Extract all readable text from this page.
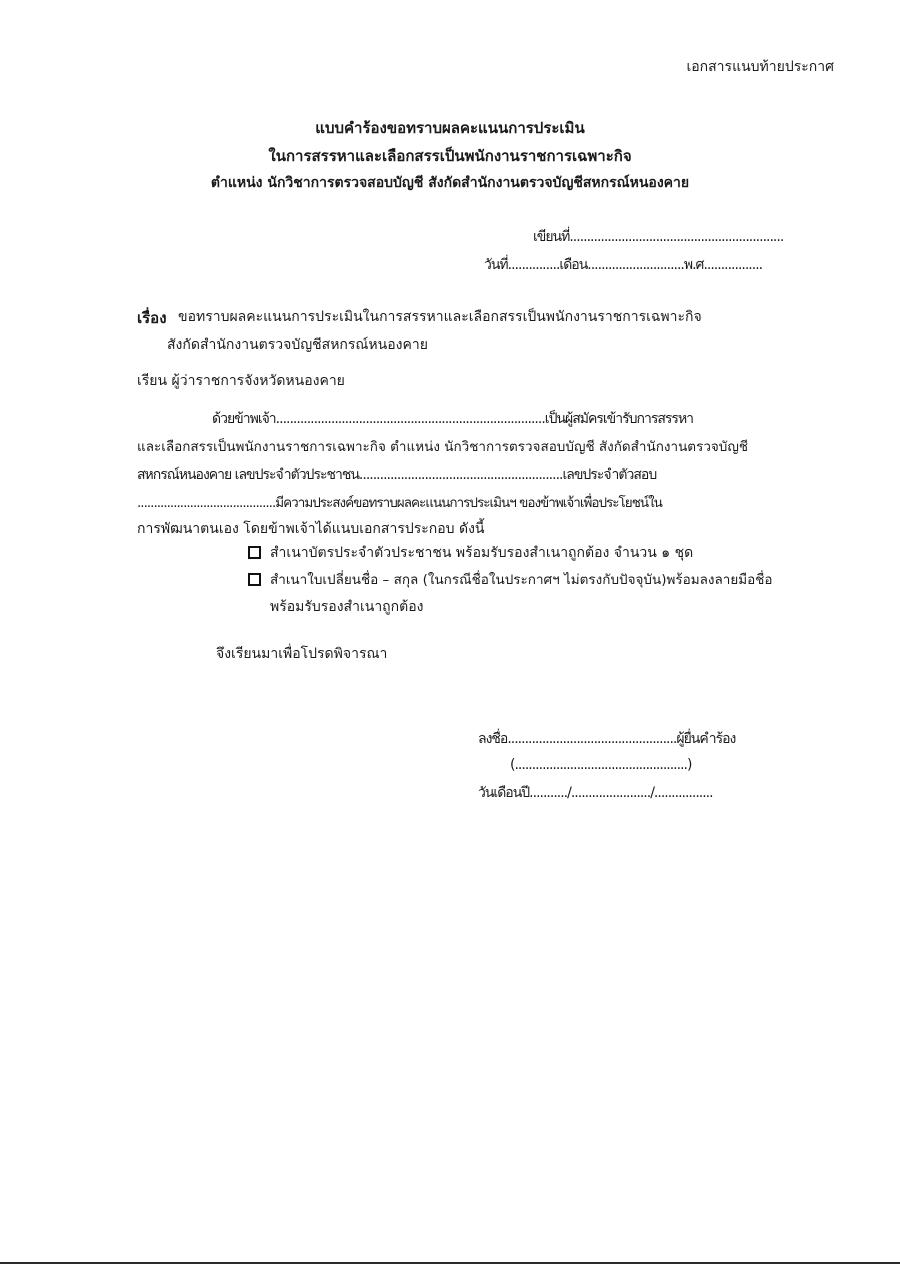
เอกสารแนบท้ายประกาศ
แบบคำร้องขอทราบผลคะแนนการประเมิน
ในการสรรหาและเลือกสรรเป็นพนักงานราชการเฉพาะกิจ
ตำแหน่ง นักวิชาการตรวจสอบบัญชี สังกัดสำนักงานตรวจบัญชีสหกรณ์หนองคาย
เขียนที่..............................................................
วันที่...............เดือน............................พ.ศ.................
เรื่อง ขอทราบผลคะแนนการประเมินในการสรรหาและเลือกสรรเป็นพนักงานราชการเฉพาะกิจ
สังกัดสำนักงานตรวจบัญชีสหกรณ์หนองคาย
เรียน ผู้ว่าราชการจังหวัดหนองคาย
ด้วยข้าพเจ้า..............................................................................เป็นผู้สมัครเข้ารับการสรรหา
และเลือกสรรเป็นพนักงานราชการเฉพาะกิจ ตำแหน่ง นักวิชาการตรวจสอบบัญชี สังกัดสำนักงานตรวจบัญชี
สหกรณ์หนองคาย เลขประจำตัวประชาชน...........................................................เลขประจำตัวสอบ
..........................................มีความประสงค์ขอทราบผลคะแนนการประเมินฯ ของข้าพเจ้าเพื่อประโยชน์ใน
การพัฒนาตนเอง โดยข้าพเจ้าได้แนบเอกสารประกอบ ดังนี้
สำเนาบัตรประจำตัวประชาชน พร้อมรับรองสำเนาถูกต้อง จำนวน ๑ ชุด
สำเนาใบเปลี่ยนชื่อ – สกุล (ในกรณีชื่อในประกาศฯ ไม่ตรงกับปัจจุบัน)พร้อมลงลายมือชื่อ
พร้อมรับรองสำเนาถูกต้อง
จึงเรียนมาเพื่อโปรดพิจารณา
ลงชื่อ.................................................ผู้ยื่นคำร้อง
(..................................................)
วันเดือนปี.........../......................./.................
